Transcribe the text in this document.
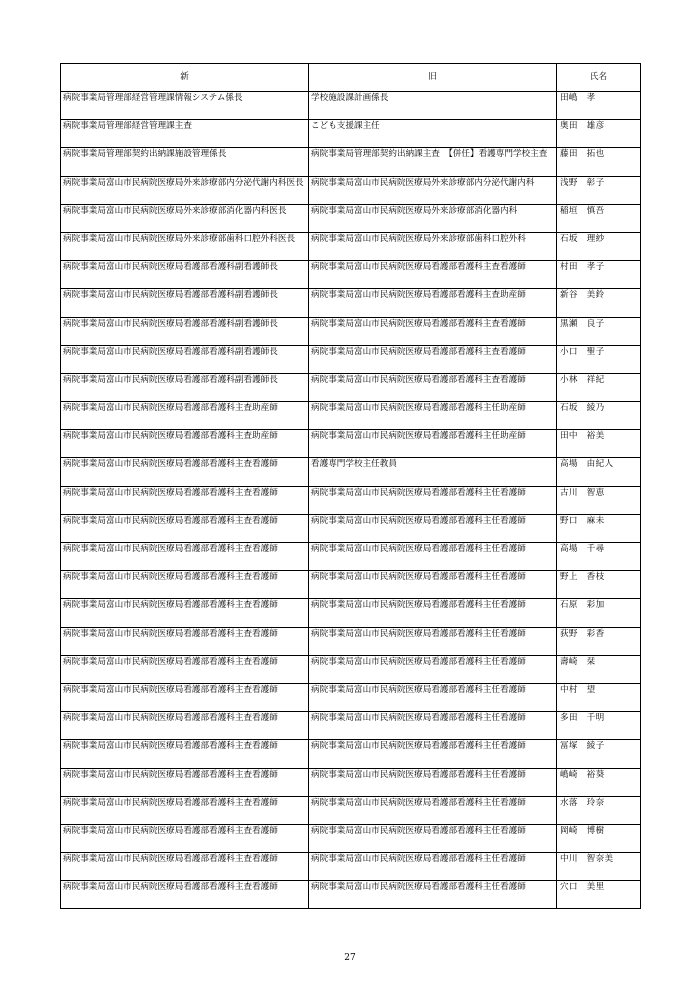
新	旧	氏名

病院事業局管理部経営管理課情報システム係長	学校施設課計画係長	田嶋　孝

病院事業局管理部経営管理課主査	こども支援課主任	奥田　雄彦

病院事業局管理部契約出納課施設管理係長	病院事業局管理部契約出納課主査　【併任】看護専門学校主査	藤田　拓也

病院事業局富山市民病院医療局外来診療部内分泌代謝内科医長	病院事業局富山市民病院医療局外来診療部内分泌代謝内科	浅野　彰子

病院事業局富山市民病院医療局外来診療部消化器内科医長	病院事業局富山市民病院医療局外来診療部消化器内科	稲垣　慎吾

病院事業局富山市民病院医療局外来診療部歯科口腔外科医長	病院事業局富山市民病院医療局外来診療部歯科口腔外科	石坂　理紗

病院事業局富山市民病院医療局看護部看護科副看護師長	病院事業局富山市民病院医療局看護部看護科主査看護師	村田　孝子

病院事業局富山市民病院医療局看護部看護科副看護師長	病院事業局富山市民病院医療局看護部看護科主査助産師	新谷　美鈴

病院事業局富山市民病院医療局看護部看護科副看護師長	病院事業局富山市民病院医療局看護部看護科主査看護師	黒瀬　良子

病院事業局富山市民病院医療局看護部看護科副看護師長	病院事業局富山市民病院医療局看護部看護科主査看護師	小口　聖子

病院事業局富山市民病院医療局看護部看護科副看護師長	病院事業局富山市民病院医療局看護部看護科主査看護師	小林　祥紀

病院事業局富山市民病院医療局看護部看護科主査助産師	病院事業局富山市民病院医療局看護部看護科主任助産師	石坂　綾乃

病院事業局富山市民病院医療局看護部看護科主査助産師	病院事業局富山市民病院医療局看護部看護科主任助産師	田中　裕美

病院事業局富山市民病院医療局看護部看護科主査看護師	看護専門学校主任教員	高場　由紀人

病院事業局富山市民病院医療局看護部看護科主査看護師	病院事業局富山市民病院医療局看護部看護科主任看護師	古川　智恵

病院事業局富山市民病院医療局看護部看護科主査看護師	病院事業局富山市民病院医療局看護部看護科主任看護師	野口　麻未

病院事業局富山市民病院医療局看護部看護科主査看護師	病院事業局富山市民病院医療局看護部看護科主任看護師	高場　千尋

病院事業局富山市民病院医療局看護部看護科主査看護師	病院事業局富山市民病院医療局看護部看護科主任看護師	野上　香枝

病院事業局富山市民病院医療局看護部看護科主査看護師	病院事業局富山市民病院医療局看護部看護科主任看護師	石原　彩加

病院事業局富山市民病院医療局看護部看護科主査看護師	病院事業局富山市民病院医療局看護部看護科主任看護師	荻野　彩香

病院事業局富山市民病院医療局看護部看護科主査看護師	病院事業局富山市民病院医療局看護部看護科主任看護師	壽崎　栞

病院事業局富山市民病院医療局看護部看護科主査看護師	病院事業局富山市民病院医療局看護部看護科主任看護師	中村　望

病院事業局富山市民病院医療局看護部看護科主査看護師	病院事業局富山市民病院医療局看護部看護科主任看護師	多田　千明

病院事業局富山市民病院医療局看護部看護科主査看護師	病院事業局富山市民病院医療局看護部看護科主任看護師	冨塚　綾子

病院事業局富山市民病院医療局看護部看護科主査看護師	病院事業局富山市民病院医療局看護部看護科主任看護師	嶋崎　裕葵

病院事業局富山市民病院医療局看護部看護科主査看護師	病院事業局富山市民病院医療局看護部看護科主任看護師	水落　玲奈

病院事業局富山市民病院医療局看護部看護科主査看護師	病院事業局富山市民病院医療局看護部看護科主任看護師	岡崎　博樹

病院事業局富山市民病院医療局看護部看護科主査看護師	病院事業局富山市民病院医療局看護部看護科主任看護師	中川　智奈美

病院事業局富山市民病院医療局看護部看護科主査看護師	病院事業局富山市民病院医療局看護部看護科主任看護師	穴口　美里
27
